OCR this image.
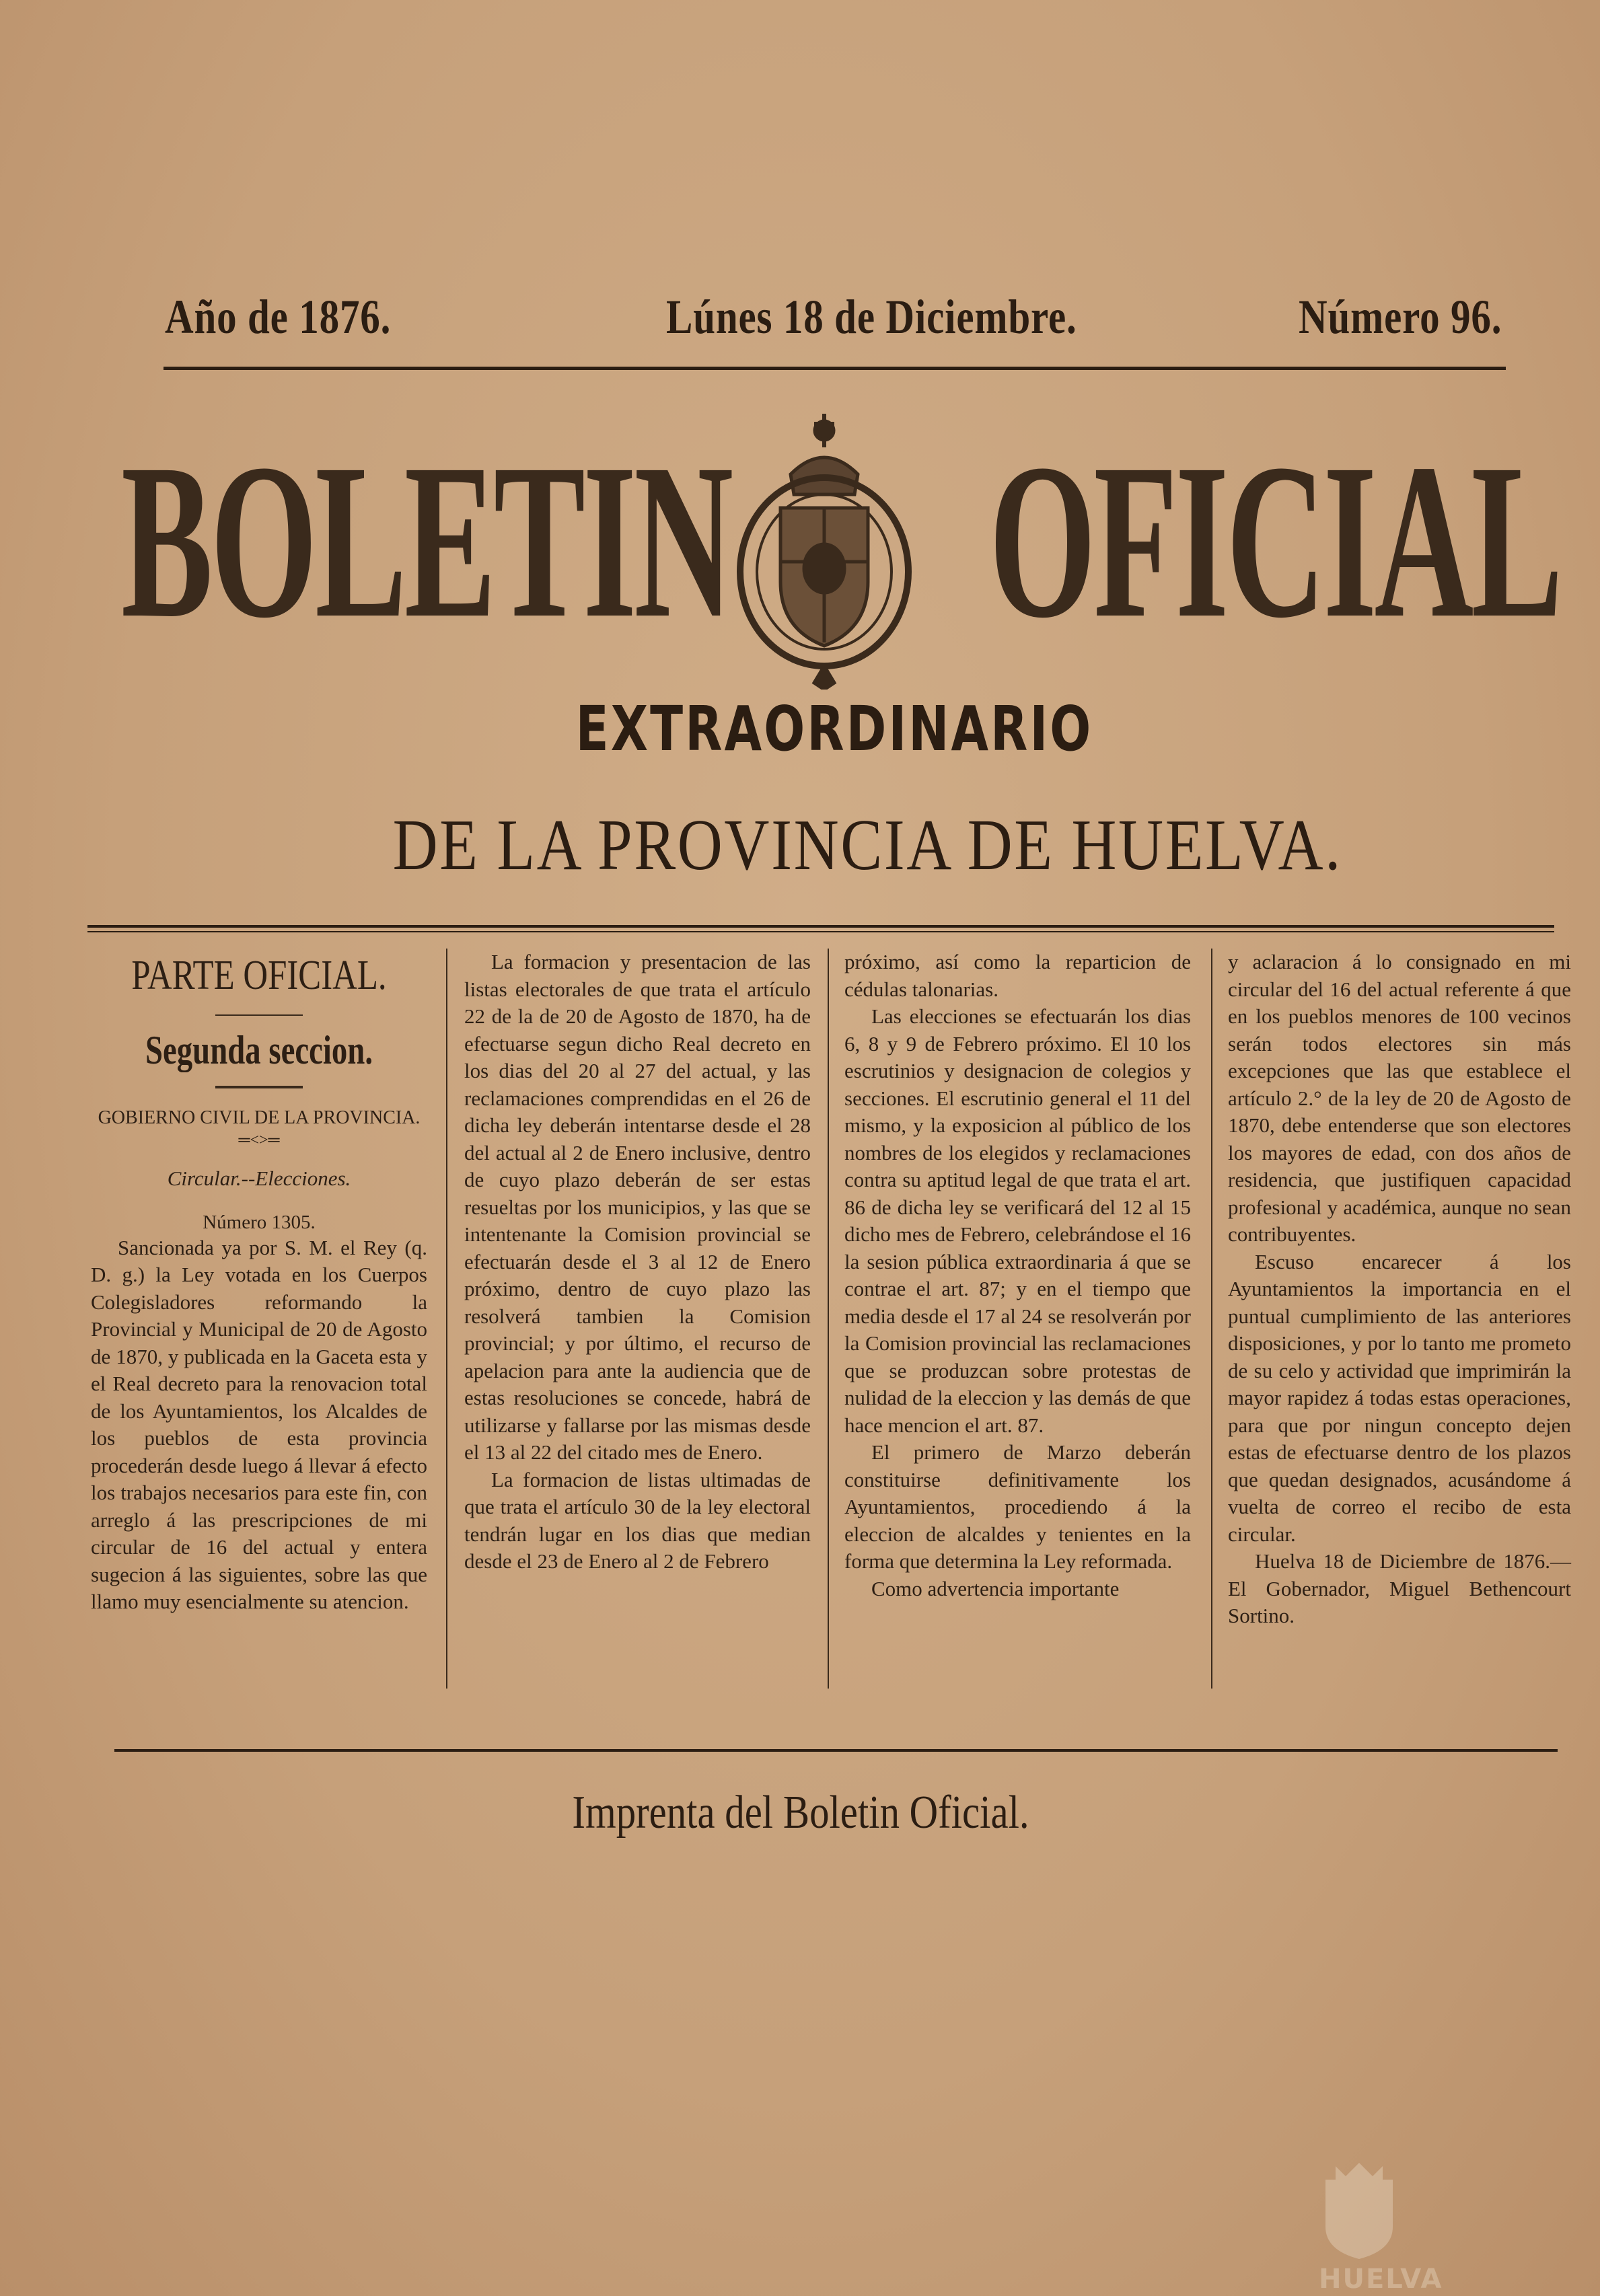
Año de 1876.	Lúnes 18 de Diciembre.	Número 96.
BOLETIN OFICIAL
EXTRAORDINARIO
DE LA PROVINCIA DE HUELVA.
PARTE OFICIAL.
Segunda seccion.
GOBIERNO CIVIL DE LA PROVINCIA.
═<>═
Circular.--Elecciones.
Número 1305.

Sancionada ya por S. M. el Rey (q. D. g.) la Ley votada en los Cuerpos Colegisladores reformando la Provincial y Municipal de 20 de Agosto de 1870, y publicada en la Gaceta esta y el Real decreto para la renovacion total de los Ayuntamientos, los Alcaldes de los pueblos de esta provincia procederán desde luego á llevar á efecto los trabajos necesarios para este fin, con arreglo á las prescripciones de mi circular de 16 del actual y entera sugecion á las siguientes, sobre las que llamo muy esencialmente su atencion.

La formacion y presentacion de las listas electorales de que trata el artículo 22 de la de 20 de Agosto de 1870, ha de efectuarse segun dicho Real decreto en los dias del 20 al 27 del actual, y las reclamaciones comprendidas en el 26 de dicha ley deberán intentarse desde el 28 del actual al 2 de Enero inclusive, dentro de cuyo plazo deberán de ser estas resueltas por los municipios, y las que se intentenante la Comision provincial se efectuarán desde el 3 al 12 de Enero próximo, dentro de cuyo plazo las resolverá tambien la Comision provincial; y por último, el recurso de apelacion para ante la audiencia que de estas resoluciones se concede, habrá de utilizarse y fallarse por las mismas desde el 13 al 22 del citado mes de Enero.

La formacion de listas ultimadas de que trata el artículo 30 de la ley electoral tendrán lugar en los dias que median desde el 23 de Enero al 2 de Febrero

próximo, así como la reparticion de cédulas talonarias.

Las elecciones se efectuarán los dias 6, 8 y 9 de Febrero próximo. El 10 los escrutinios y designacion de colegios y secciones. El escrutinio general el 11 del mismo, y la exposicion al público de los nombres de los elegidos y reclamaciones contra su aptitud legal de que trata el art. 86 de dicha ley se verificará del 12 al 15 dicho mes de Febrero, celebrándose el 16 la sesion pública extraordinaria á que se contrae el art. 87; y en el tiempo que media desde el 17 al 24 se resolverán por la Comision provincial las reclamaciones que se produzcan sobre protestas de nulidad de la eleccion y las demás de que hace mencion el art. 87.

El primero de Marzo deberán constituirse definitivamente los Ayuntamientos, procediendo á la eleccion de alcaldes y tenientes en la forma que determina la Ley reformada.

Como advertencia importante

y aclaracion á lo consignado en mi circular del 16 del actual referente á que en los pueblos menores de 100 vecinos serán todos electores sin más excepciones que las que establece el artículo 2.° de la ley de 20 de Agosto de 1870, debe entenderse que son electores los mayores de edad, con dos años de residencia, que justifiquen capacidad profesional y académica, aunque no sean contribuyentes.

Escuso encarecer á los Ayuntamientos la importancia en el puntual cumplimiento de las anteriores disposiciones, y por lo tanto me prometo de su celo y actividad que imprimirán la mayor rapidez á todas estas operaciones, para que por ningun concepto dejen estas de efectuarse dentro de los plazos que quedan designados, acusándome á vuelta de correo el recibo de esta circular.

Huelva 18 de Diciembre de 1876.—El Gobernador, Miguel Bethencourt Sortino.

Imprenta del Boletin Oficial.
HUELVA
